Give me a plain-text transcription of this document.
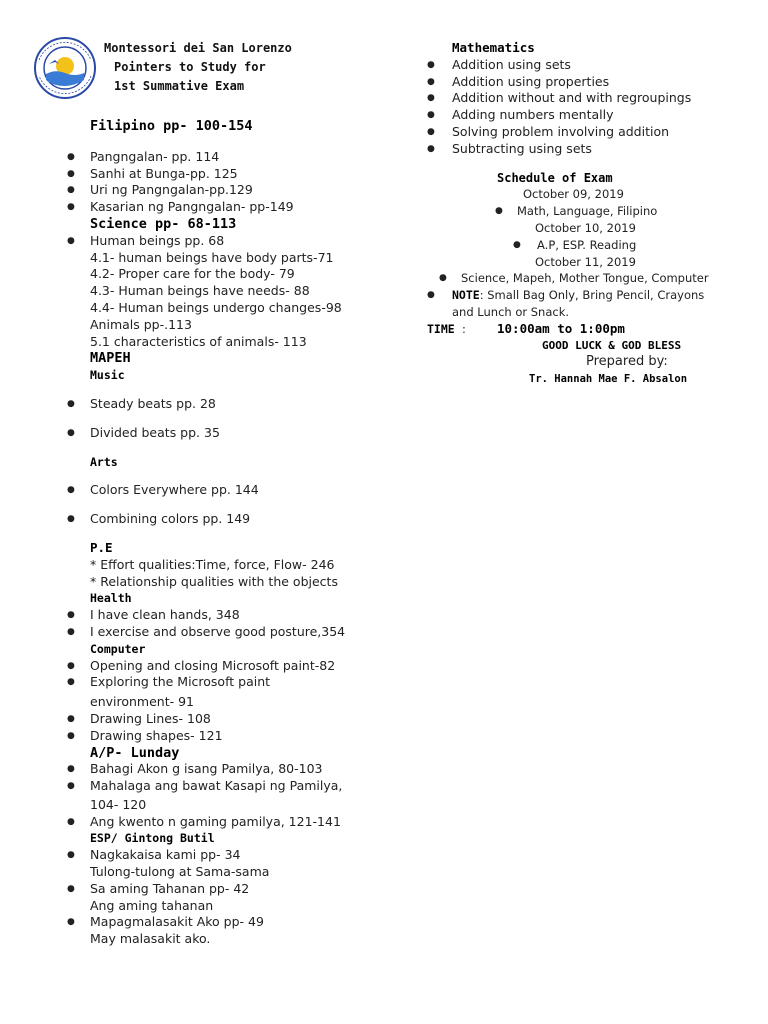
Montessori dei San Lorenzo
Pointers to Study for
1st Summative Exam
Filipino pp- 100-154
● Pangngalan- pp. 114
● Sanhi at Bunga-pp. 125
● Uri ng Pangngalan-pp.129
● Kasarian ng Pangngalan- pp-149
Science pp- 68-113
● Human beings pp. 68
4.1- human beings have body parts-71
4.2- Proper care for the body- 79
4.3- Human beings have needs- 88
4.4- Human beings undergo changes-98
Animals pp-.113
5.1 characteristics of animals- 113
MAPEH
Music
● Steady beats pp. 28
● Divided beats pp. 35
Arts
● Colors Everywhere pp. 144
● Combining colors pp. 149
P.E
* Effort qualities:Time, force, Flow- 246
* Relationship qualities with the objects
Health
● I have clean hands, 348
● I exercise and observe good posture,354
Computer
● Opening and closing Microsoft paint-82
● Exploring the Microsoft paint
environment- 91
● Drawing Lines- 108
● Drawing shapes- 121
A/P- Lunday
● Bahagi Akon g isang Pamilya, 80-103
● Mahalaga ang bawat Kasapi ng Pamilya,
104- 120
● Ang kwento n gaming pamilya, 121-141
ESP/ Gintong Butil
● Nagkakaisa kami pp- 34
Tulong-tulong at Sama-sama
● Sa aming Tahanan pp- 42
Ang aming tahanan
● Mapagmalasakit Ako pp- 49
May malasakit ako.
Mathematics
● Addition using sets
● Addition using properties
● Addition without and with regroupings
● Adding numbers mentally
● Solving problem involving addition
● Subtracting using sets
Schedule of Exam
October 09, 2019
● Math, Language, Filipino
October 10, 2019
● A.P, ESP. Reading
October 11, 2019
● Science, Mapeh, Mother Tongue, Computer
● NOTE: Small Bag Only, Bring Pencil, Crayons
and Lunch or Snack.
TIME : 10:00am to 1:00pm
GOOD LUCK & GOD BLESS
Prepared by:
Tr. Hannah Mae F. Absalon
